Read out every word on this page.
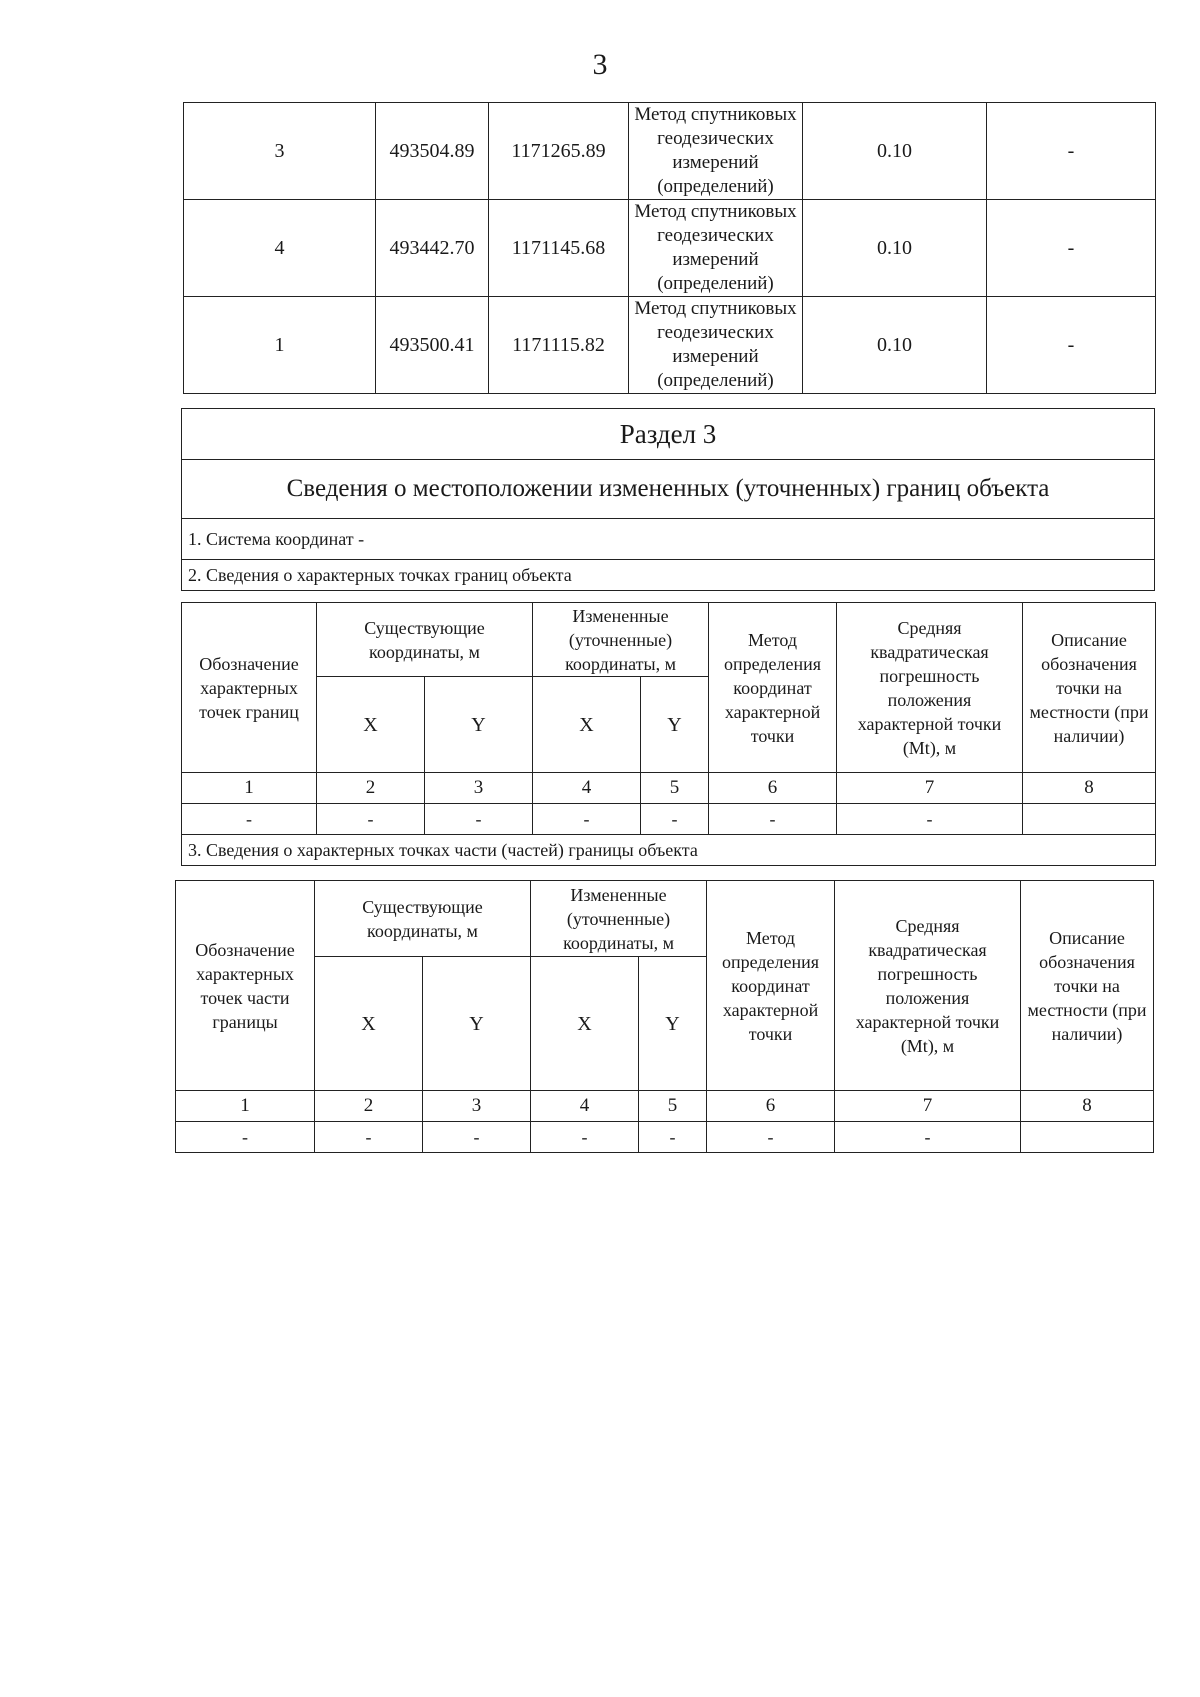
3
3	493504.89	1171265.89	Метод спутниковых геодезических измерений (определений)	0.10	-
4	493442.70	1171145.68	Метод спутниковых геодезических измерений (определений)	0.10	-
1	493500.41	1171115.82	Метод спутниковых геодезических измерений (определений)	0.10	-
Раздел 3
Сведения о местоположении измененных (уточненных) границ объекта
1. Система координат -
2. Сведения о характерных точках границ объекта
Обозначение характерных точек границ	Существующие координаты, м		Измененные (уточненные) координаты, м		Метод определения координат характерной точки	Средняя квадратическая погрешность положения характерной точки (Mt), м	Описание обозначения точки на местности (при наличии)
	X	Y	X	Y			
1	2	3	4	5	6	7	8
-	-	-	-	-	-	-	
3. Сведения о характерных точках части (частей) границы объекта							
Обозначение характерных точек части границы	Существующие координаты, м		Измененные (уточненные) координаты, м		Метод определения координат характерной точки	Средняя квадратическая погрешность положения характерной точки (Mt), м	Описание обозначения точки на местности (при наличии)
	X	Y	X	Y			
1	2	3	4	5	6	7	8
-	-	-	-	-	-	-	
